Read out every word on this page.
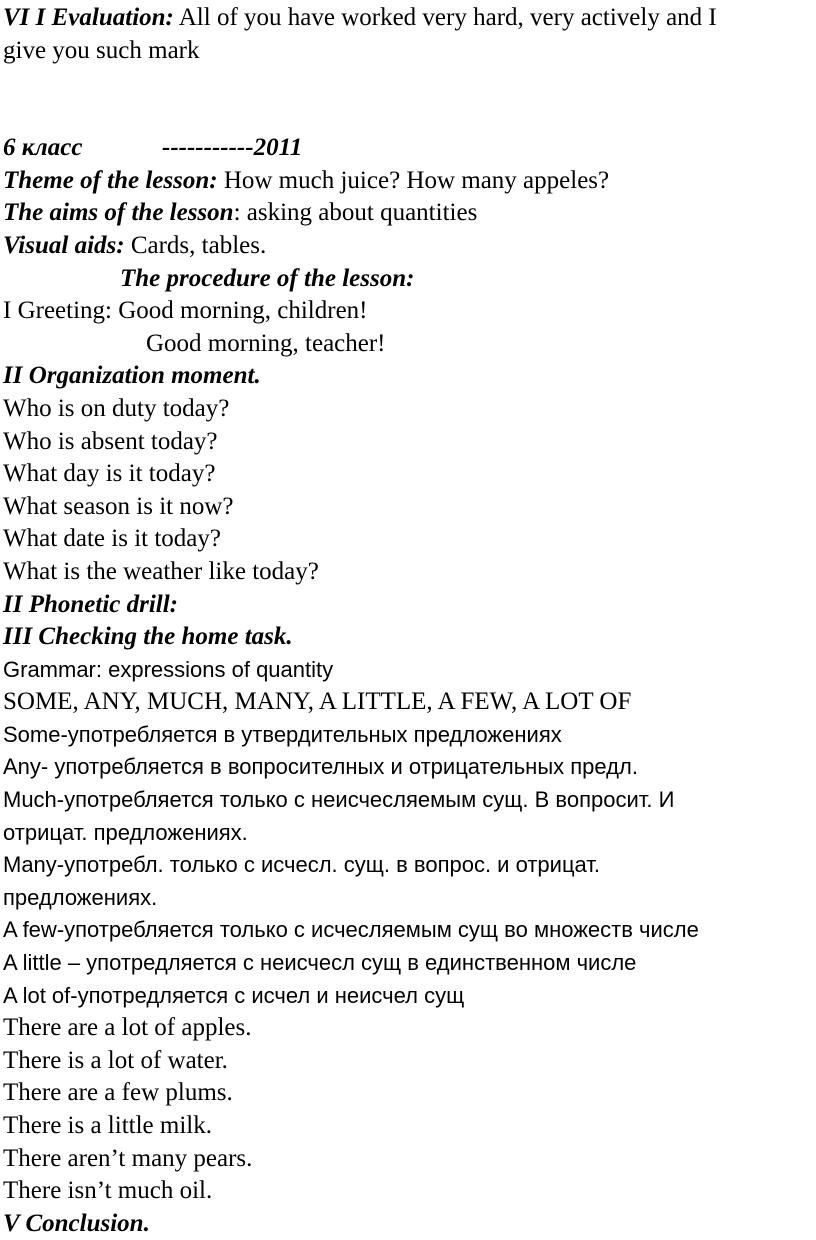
VI I Evaluation: All of you have worked very hard, very actively and I
give you such mark
6 класс	-----------2011
Theme of the lesson: How much juice? How many appeles?
The aims of the lesson: asking about quantities
Visual aids: Cards, tables.
The procedure of the lesson:
I Greeting: Good morning, children!
Good morning, teacher!
II Organization moment.
Who is on duty today?
Who is absent today?
What day is it today?
What season is it now?
What date is it today?
What is the weather like today?
II Phonetic drill:
III Checking the home task.
Grammar: expressions of quantity
SOME, ANY, MUCH, MANY, A LITTLE, A FEW, A LOT OF
Some-употребляется в утвердительных предложениях
Any- употребляется в вопросителных и отрицательных предл.
Much-употребляется только с неисчесляемым сущ. В вопросит. И
отрицат. предложениях.
Many-употребл. только с исчесл. сущ. в вопрос. и отрицат.
предложениях.
A few-употребляется только с исчесляемым сущ во множеств числе
A little – употредляется с неисчесл сущ в единственном числе
A lot of-употредляется с исчел и неисчел сущ
There are a lot of apples.
There is a lot of water.
There are a few plums.
There is a little milk.
There aren’t many pears.
There isn’t much oil.
V Conclusion.
